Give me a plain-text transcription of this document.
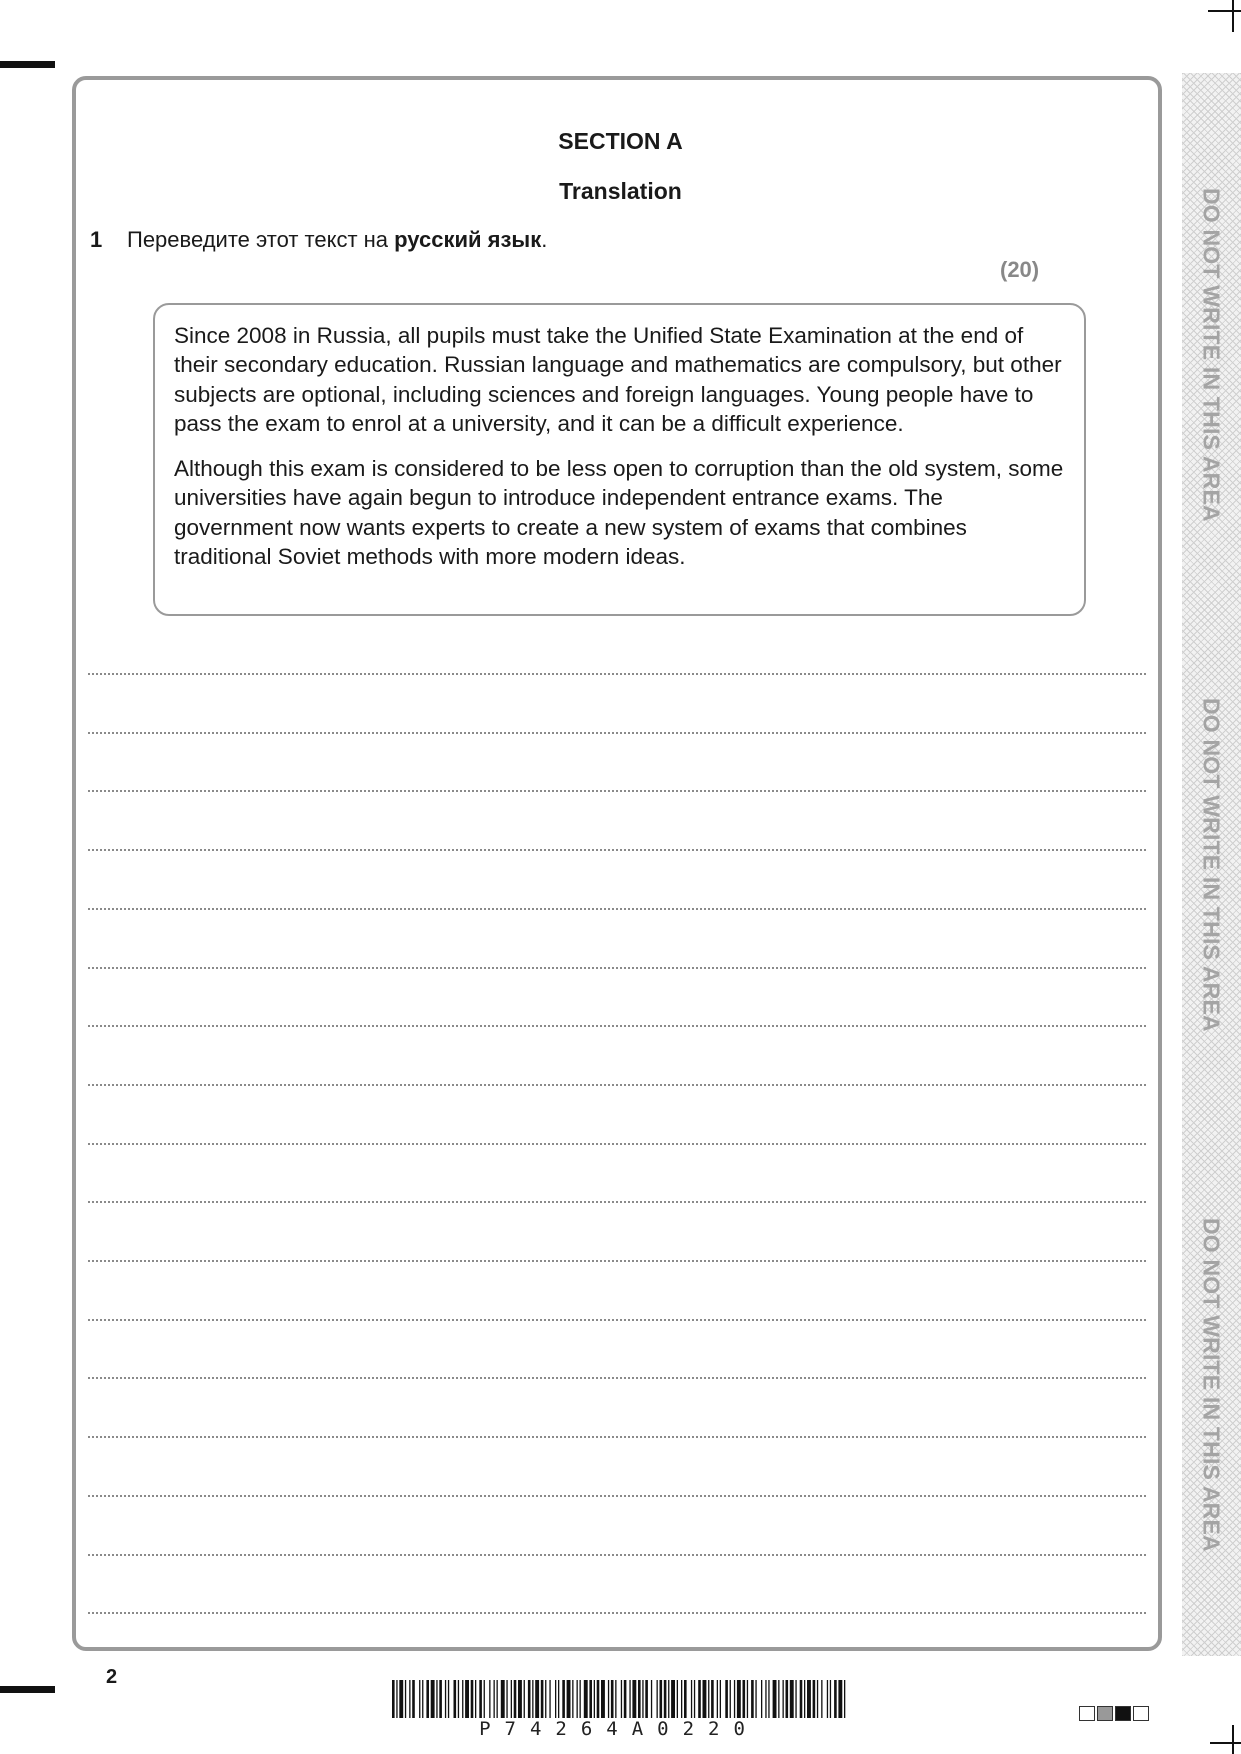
SECTION A
Translation
1 Переведите этот текст на русский язык.
(20)

Since 2008 in Russia, all pupils must take the Unified State Examination at the end of their secondary education. Russian language and mathematics are compulsory, but other subjects are optional, including sciences and foreign languages. Young people have to pass the exam to enrol at a university, and it can be a difficult experience.

Although this exam is considered to be less open to corruption than the old system, some universities have again begun to introduce independent entrance exams. The government now wants experts to create a new system of exams that combines traditional Soviet methods with more modern ideas.

DO NOT WRITE IN THIS AREA
DO NOT WRITE IN THIS AREA
DO NOT WRITE IN THIS AREA
2
P74264A0220
